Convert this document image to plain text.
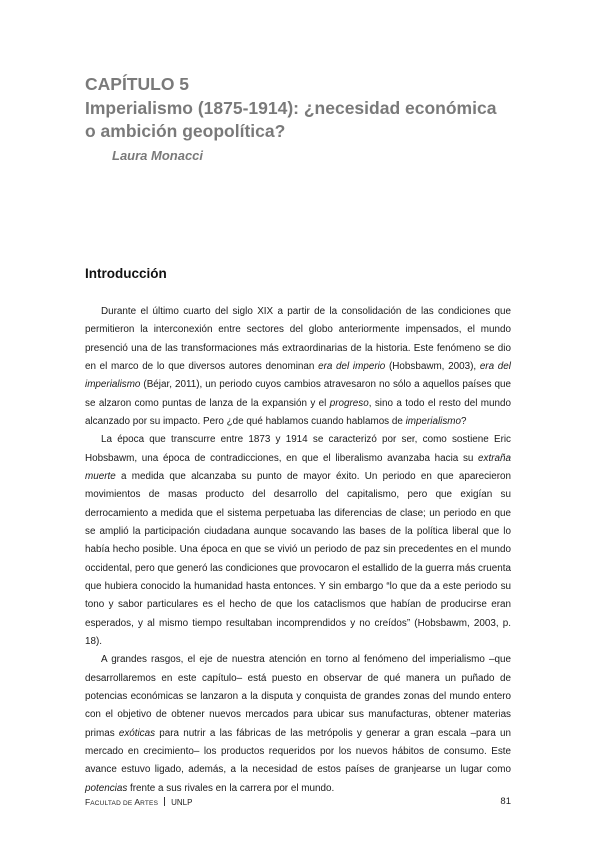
CAPÍTULO 5

Imperialismo (1875-1914): ¿necesidad económica

o ambición geopolítica?

Laura Monacci

Introducción

Durante el último cuarto del siglo XIX a partir de la consolidación de las condiciones que permitieron la interconexión entre sectores del globo anteriormente impensados, el mundo presenció una de las transformaciones más extraordinarias de la historia. Este fenómeno se dio en el marco de lo que diversos autores denominan era del imperio (Hobsbawm, 2003), era del imperialismo (Béjar, 2011), un periodo cuyos cambios atravesaron no sólo a aquellos países que se alzaron como puntas de lanza de la expansión y el progreso, sino a todo el resto del mundo alcanzado por su impacto. Pero ¿de qué hablamos cuando hablamos de imperialismo?

La época que transcurre entre 1873 y 1914 se caracterizó por ser, como sostiene Eric Hobsbawm, una época de contradicciones, en que el liberalismo avanzaba hacia su extraña muerte a medida que alcanzaba su punto de mayor éxito. Un periodo en que aparecieron movimientos de masas producto del desarrollo del capitalismo, pero que exigían su derrocamiento a medida que el sistema perpetuaba las diferencias de clase; un periodo en que se amplió la participación ciudadana aunque socavando las bases de la política liberal que lo había hecho posible. Una época en que se vivió un periodo de paz sin precedentes en el mundo occidental, pero que generó las condiciones que provocaron el estallido de la guerra más cruenta que hubiera conocido la humanidad hasta entonces. Y sin embargo “lo que da a este periodo su tono y sabor particulares es el hecho de que los cataclismos que habían de producirse eran esperados, y al mismo tiempo resultaban incomprendidos y no creídos” (Hobsbawm, 2003, p. 18).

A grandes rasgos, el eje de nuestra atención en torno al fenómeno del imperialismo –que desarrollaremos en este capítulo– está puesto en observar de qué manera un puñado de potencias económicas se lanzaron a la disputa y conquista de grandes zonas del mundo entero con el objetivo de obtener nuevos mercados para ubicar sus manufacturas, obtener materias primas exóticas para nutrir a las fábricas de las metrópolis y generar a gran escala –para un mercado en crecimiento– los productos requeridos por los nuevos hábitos de consumo. Este avance estuvo ligado, además, a la necesidad de estos países de granjearse un lugar como potencias frente a sus rivales en la carrera por el mundo.

FACULTAD DE ARTES UNLP	81
